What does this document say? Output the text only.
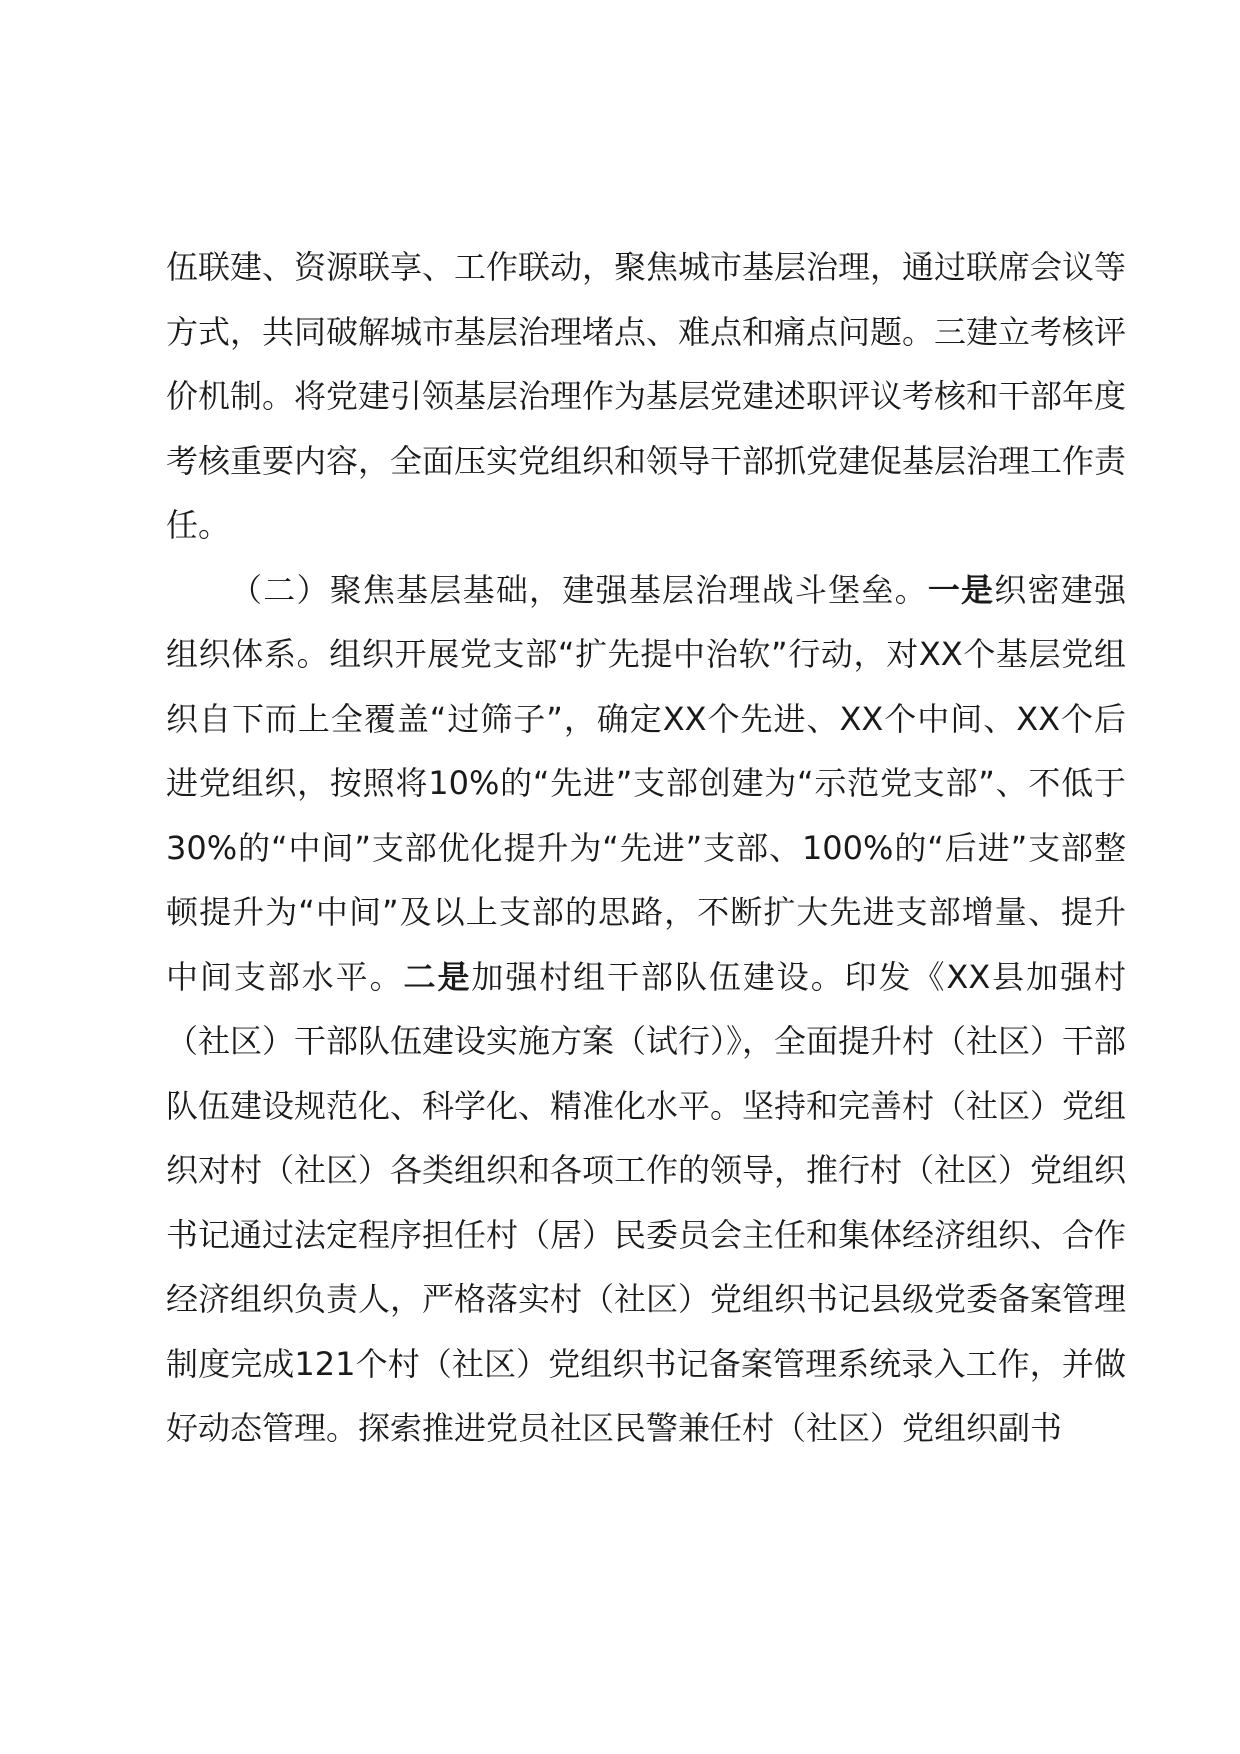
伍联建、资源联享、工作联动，聚焦城市基层治理，通过联席会议等方式，共同破解城市基层治理堵点、难点和痛点问题。三建立考核评价机制。将党建引领基层治理作为基层党建述职评议考核和干部年度考核重要内容，全面压实党组织和领导干部抓党建促基层治理工作责任。

（二）聚焦基层基础，建强基层治理战斗堡垒。一是织密建强组织体系。组织开展党支部“扩先提中治软”行动，对XX个基层党组织自下而上全覆盖“过筛子”，确定XX个先进、XX个中间、XX个后进党组织，按照将10%的“先进”支部创建为“示范党支部”、不低于30%的“中间”支部优化提升为“先进”支部、100%的“后进”支部整顿提升为“中间”及以上支部的思路，不断扩大先进支部增量、提升中间支部水平。二是加强村组干部队伍建设。印发《XX县加强村（社区）干部队伍建设实施方案（试行）》，全面提升村（社区）干部队伍建设规范化、科学化、精准化水平。坚持和完善村（社区）党组织对村（社区）各类组织和各项工作的领导，推行村（社区）党组织书记通过法定程序担任村（居）民委员会主任和集体经济组织、合作经济组织负责人，严格落实村（社区）党组织书记县级党委备案管理制度完成121个村（社区）党组织书记备案管理系统录入工作，并做好动态管理。探索推进党员社区民警兼任村（社区）党组织副书
